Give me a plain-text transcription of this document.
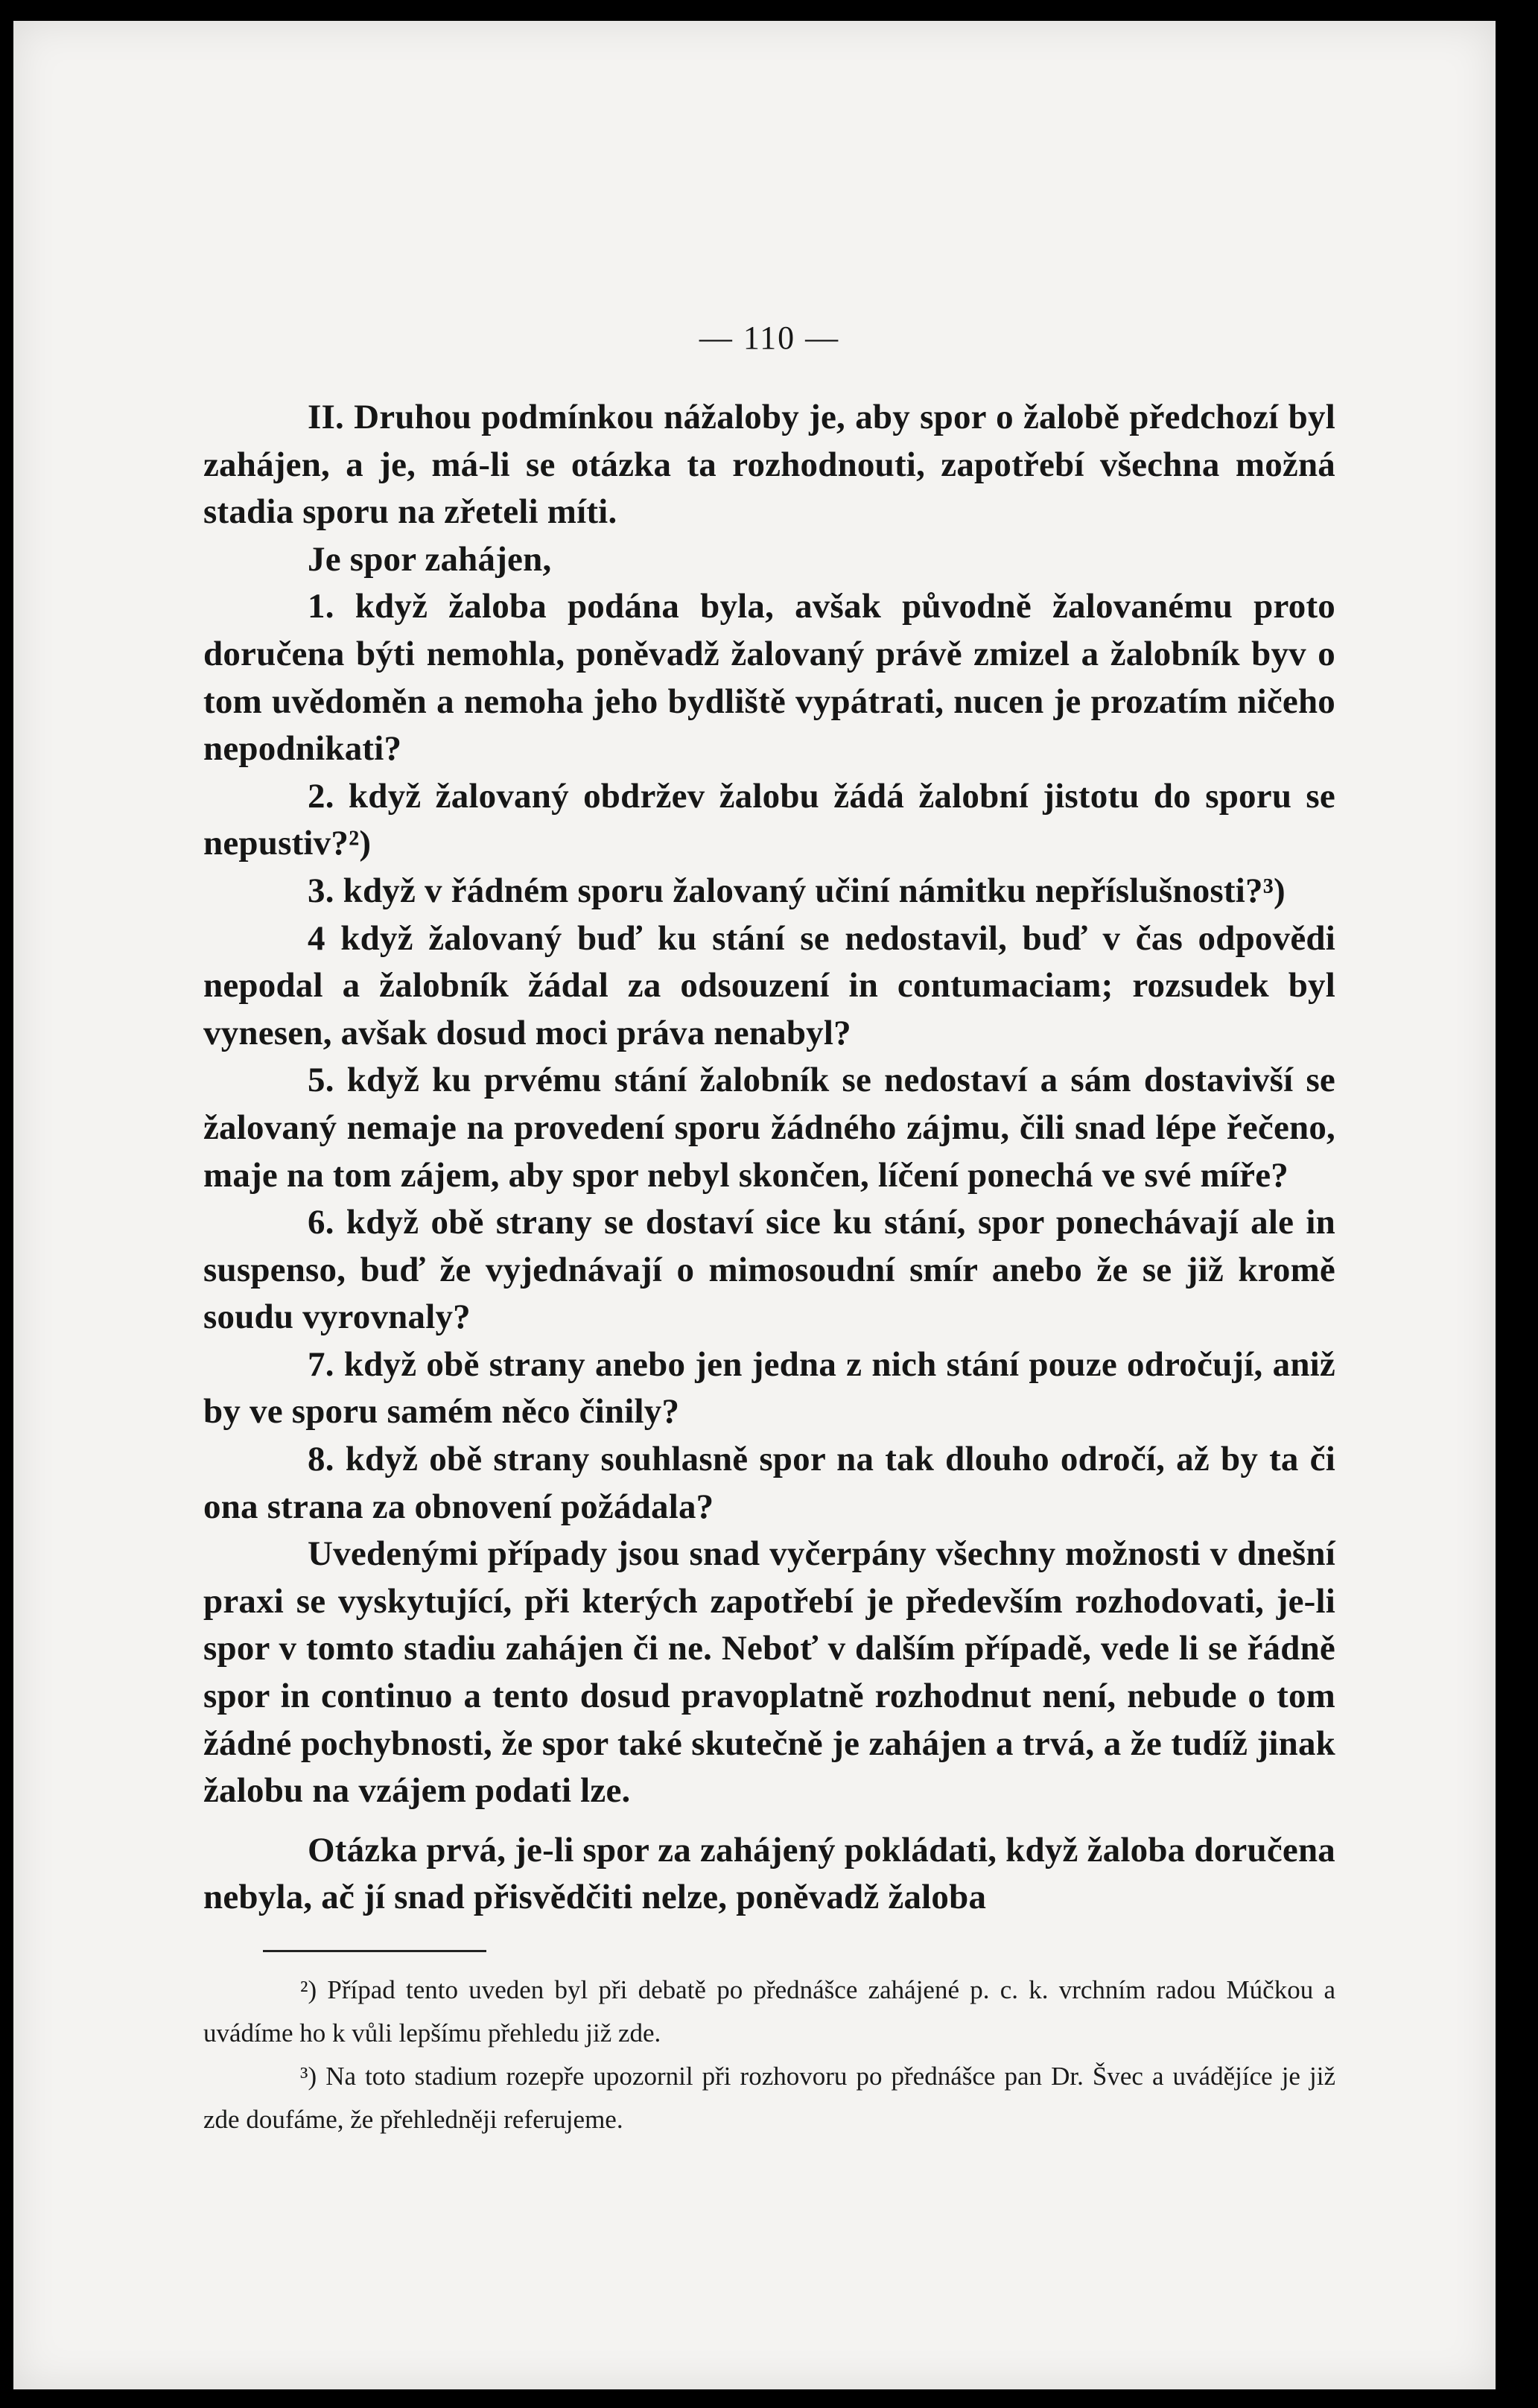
— 110 —

II. Druhou podmínkou nážaloby je, aby spor o žalobě předchozí byl zahájen, a je, má-li se otázka ta rozhodnouti, zapotřebí všechna možná stadia sporu na zřeteli míti.

Je spor zahájen,

1. když žaloba podána byla, avšak původně žalovanému proto doručena býti nemohla, poněvadž žalovaný právě zmizel a žalobník byv o tom uvědoměn a nemoha jeho bydliště vypátrati, nucen je prozatím ničeho nepodnikati?

2. když žalovaný obdržev žalobu žádá žalobní jistotu do sporu se nepustiv?²)

3. když v řádném sporu žalovaný učiní námitku nepříslušnosti?³)

4 když žalovaný buď ku stání se nedostavil, buď v čas odpovědi nepodal a žalobník žádal za odsouzení in contumaciam; rozsudek byl vynesen, avšak dosud moci práva nenabyl?

5. když ku prvému stání žalobník se nedostaví a sám dostavivší se žalovaný nemaje na provedení sporu žádného zájmu, čili snad lépe řečeno, maje na tom zájem, aby spor nebyl skončen, líčení ponechá ve své míře?

6. když obě strany se dostaví sice ku stání, spor ponechávají ale in suspenso, buď že vyjednávají o mimosoudní smír anebo že se již kromě soudu vyrovnaly?

7. když obě strany anebo jen jedna z nich stání pouze odročují, aniž by ve sporu samém něco činily?

8. když obě strany souhlasně spor na tak dlouho odročí, až by ta či ona strana za obnovení požádala?

Uvedenými případy jsou snad vyčerpány všechny možnosti v dnešní praxi se vyskytující, při kterých zapotřebí je především rozhodovati, je-li spor v tomto stadiu zahájen či ne. Neboť v dalším případě, vede li se řádně spor in continuo a tento dosud pravoplatně rozhodnut není, nebude o tom žádné pochybnosti, že spor také skutečně je zahájen a trvá, a že tudíž jinak žalobu na vzájem podati lze.

Otázka prvá, je-li spor za zahájený pokládati, když žaloba doručena nebyla, ač jí snad přisvědčiti nelze, poněvadž žaloba

²) Případ tento uveden byl při debatě po přednášce zahájené p. c. k. vrchním radou Múčkou a uvádíme ho k vůli lepšímu přehledu již zde.

³) Na toto stadium rozepře upozornil při rozhovoru po přednášce pan Dr. Švec a uvádějíce je již zde doufáme, že přehledněji referujeme.
